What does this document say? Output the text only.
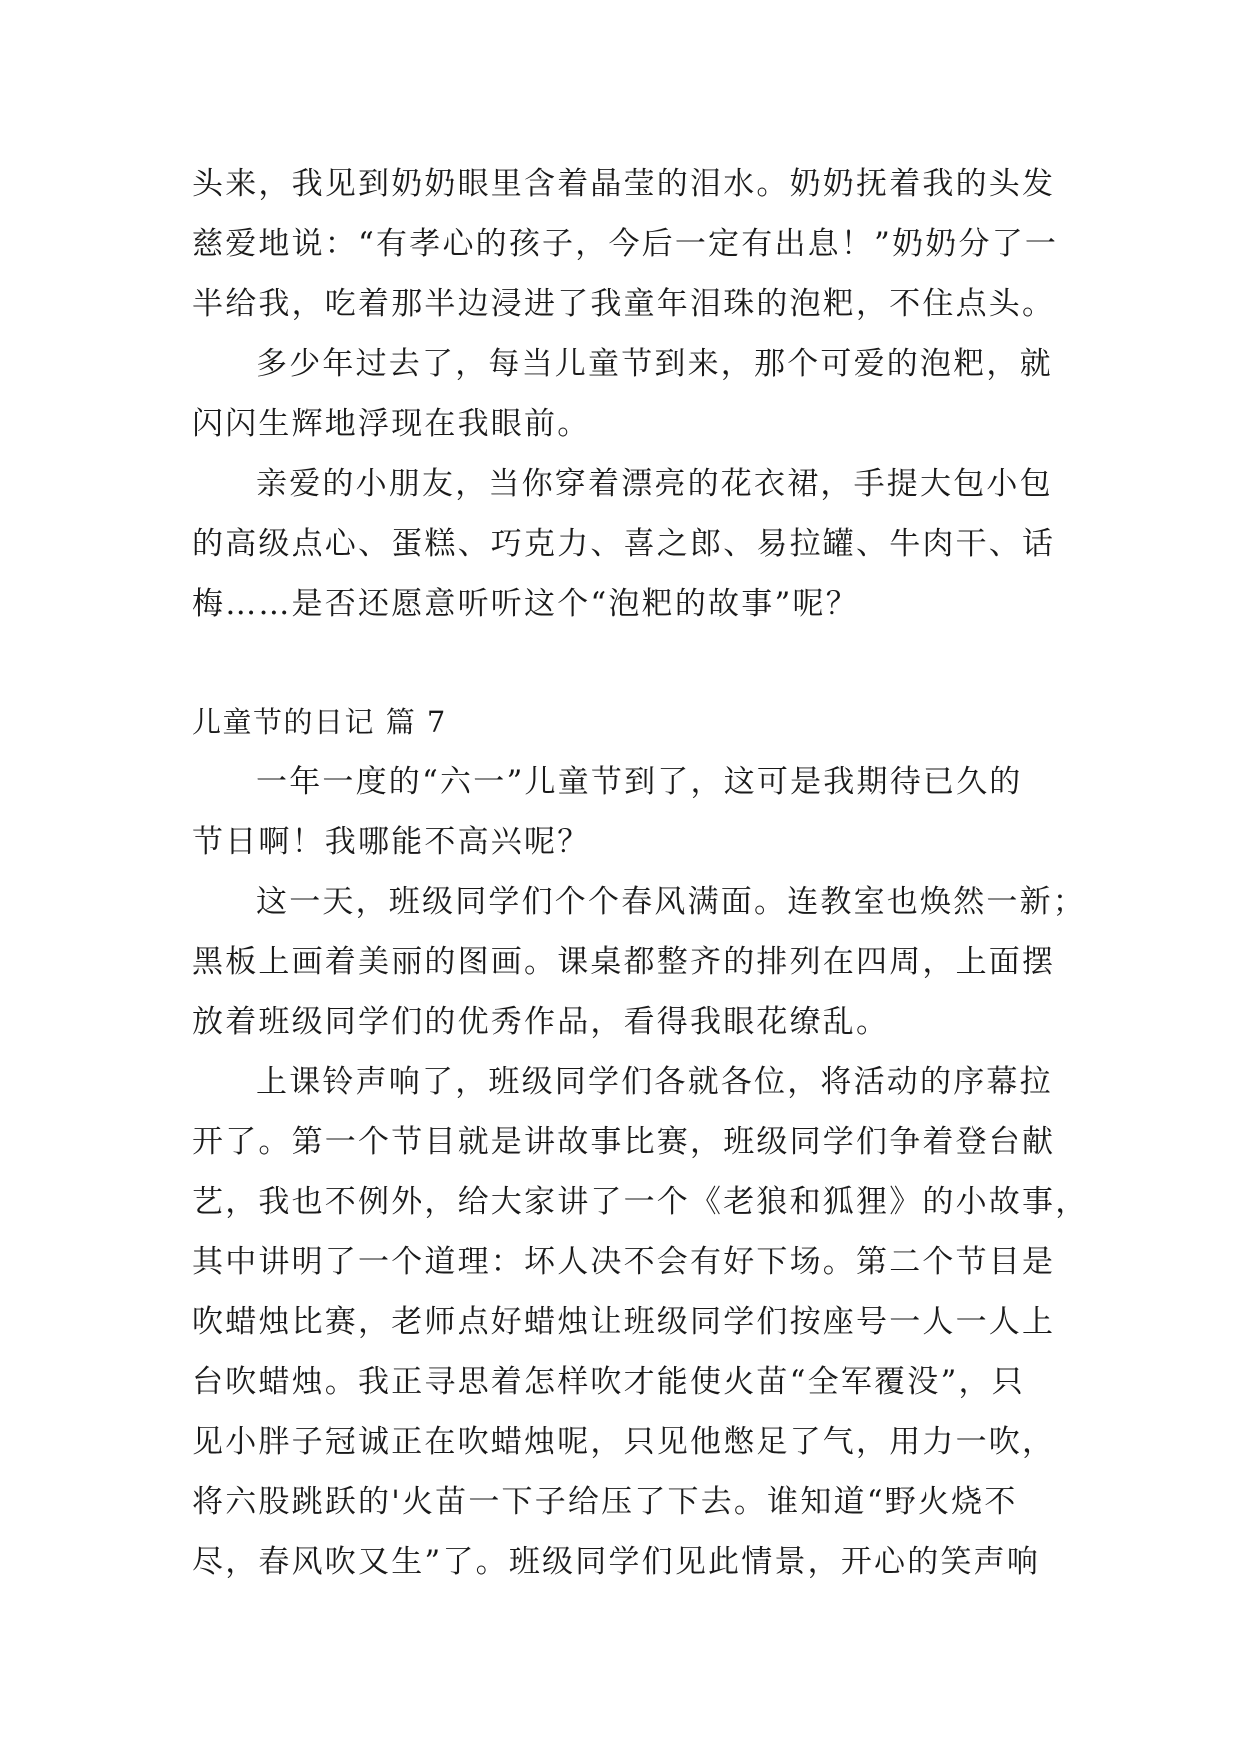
头来，我见到奶奶眼里含着晶莹的泪水。奶奶抚着我的头发
慈爱地说：“有孝心的孩子，今后一定有出息！”奶奶分了一
半给我，吃着那半边浸进了我童年泪珠的泡粑，不住点头。
多少年过去了，每当儿童节到来，那个可爱的泡粑，就
闪闪生辉地浮现在我眼前。
亲爱的小朋友，当你穿着漂亮的花衣裙，手提大包小包
的高级点心、蛋糕、巧克力、喜之郎、易拉罐、牛肉干、话
梅……是否还愿意听听这个“泡粑的故事”呢？
儿童节的日记 篇 7
一年一度的“六一”儿童节到了，这可是我期待已久的
节日啊！我哪能不高兴呢？
这一天，班级同学们个个春风满面。连教室也焕然一新；
黑板上画着美丽的图画。课桌都整齐的排列在四周，上面摆
放着班级同学们的优秀作品，看得我眼花缭乱。
上课铃声响了，班级同学们各就各位，将活动的序幕拉
开了。第一个节目就是讲故事比赛，班级同学们争着登台献
艺，我也不例外，给大家讲了一个《老狼和狐狸》的小故事，
其中讲明了一个道理：坏人决不会有好下场。第二个节目是
吹蜡烛比赛，老师点好蜡烛让班级同学们按座号一人一人上
台吹蜡烛。我正寻思着怎样吹才能使火苗“全军覆没”，只
见小胖子冠诚正在吹蜡烛呢，只见他憋足了气，用力一吹，
将六股跳跃的'火苗一下子给压了下去。谁知道“野火烧不
尽，春风吹又生”了。班级同学们见此情景，开心的笑声响
